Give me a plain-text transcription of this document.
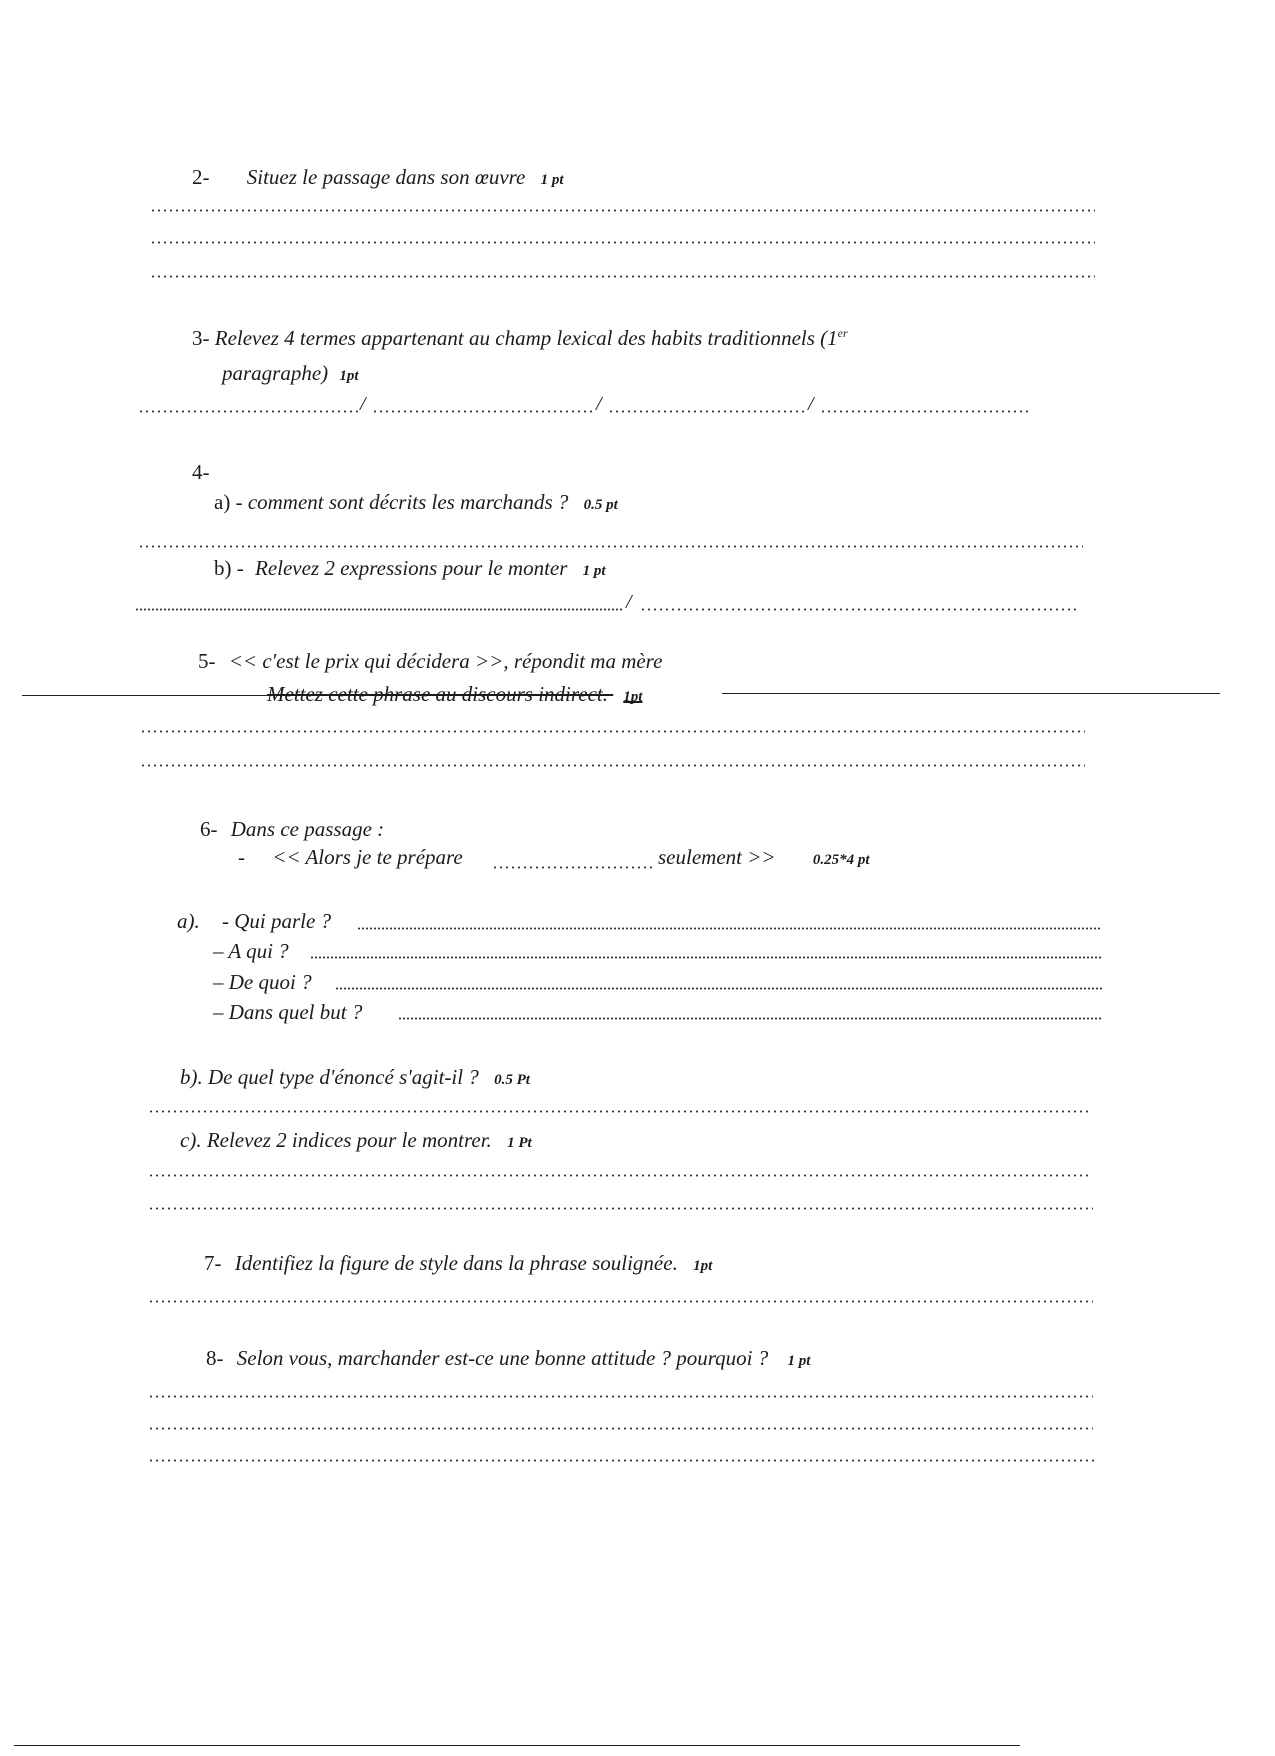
2- Situez le passage dans son œuvre 1 pt
3- Relevez 4 termes appartenant au champ lexical des habits traditionnels (1er
paragraphe) 1pt
/	/	/
4-
a) - comment sont décrits les marchands ? 0.5 pt
b) - Relevez 2 expressions pour le monter 1 pt
/
5- << c'est le prix qui décidera >>, répondit ma mère
Mettez cette phrase au discours indirect. 1pt
6- Dans ce passage :
- << Alors je te prépare	seulement >> 0.25*4 pt
a). - Qui parle ?
– A qui ?
– De quoi ?
– Dans quel but ?
b). De quel type d'énoncé s'agit-il ? 0.5 Pt
c). Relevez 2 indices pour le montrer. 1 Pt
7- Identifiez la figure de style dans la phrase soulignée. 1pt
8- Selon vous, marchander est-ce une bonne attitude ? pourquoi ? 1 pt
